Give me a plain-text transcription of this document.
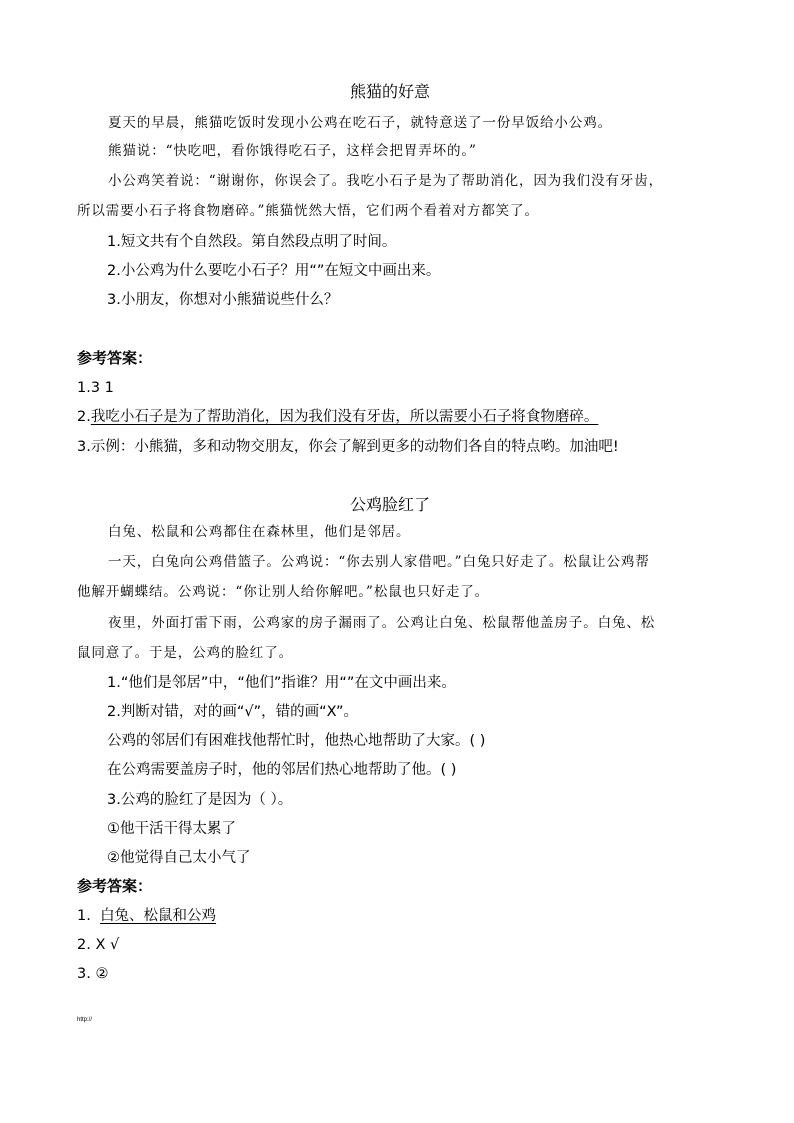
熊猫的好意
夏天的早晨，熊猫吃饭时发现小公鸡在吃石子，就特意送了一份早饭给小公鸡。
熊猫说：“快吃吧，看你饿得吃石子，这样会把胃弄坏的。”
小公鸡笑着说：“谢谢你，你误会了。我吃小石子是为了帮助消化，因为我们没有牙齿，
所以需要小石子将食物磨碎。”熊猫恍然大悟，它们两个看着对方都笑了。
1.短文共有个自然段。第自然段点明了时间。
2.小公鸡为什么要吃小石子？用“”在短文中画出来。
3.小朋友，你想对小熊猫说些什么？
参考答案：
1.3 1
2.我吃小石子是为了帮助消化，因为我们没有牙齿，所以需要小石子将食物磨碎。
3.示例：小熊猫，多和动物交朋友，你会了解到更多的动物们各自的特点哟。加油吧!
公鸡脸红了
白兔、松鼠和公鸡都住在森林里，他们是邻居。
一天，白兔向公鸡借篮子。公鸡说：“你去别人家借吧。”白兔只好走了。松鼠让公鸡帮
他解开蝴蝶结。公鸡说：“你让别人给你解吧。”松鼠也只好走了。
夜里，外面打雷下雨，公鸡家的房子漏雨了。公鸡让白兔、松鼠帮他盖房子。白兔、松
鼠同意了。于是，公鸡的脸红了。
1.“他们是邻居”中，“他们”指谁？用“”在文中画出来。
2.判断对错，对的画“√”，错的画“X”。
公鸡的邻居们有困难找他帮忙时，他热心地帮助了大家。( )
在公鸡需要盖房子时，他的邻居们热心地帮助了他。( )
3.公鸡的脸红了是因为（ ）。
①他干活干得太累了
②他觉得自己太小气了
参考答案：
1. 白兔、松鼠和公鸡
2. X √
3. ②
http://
